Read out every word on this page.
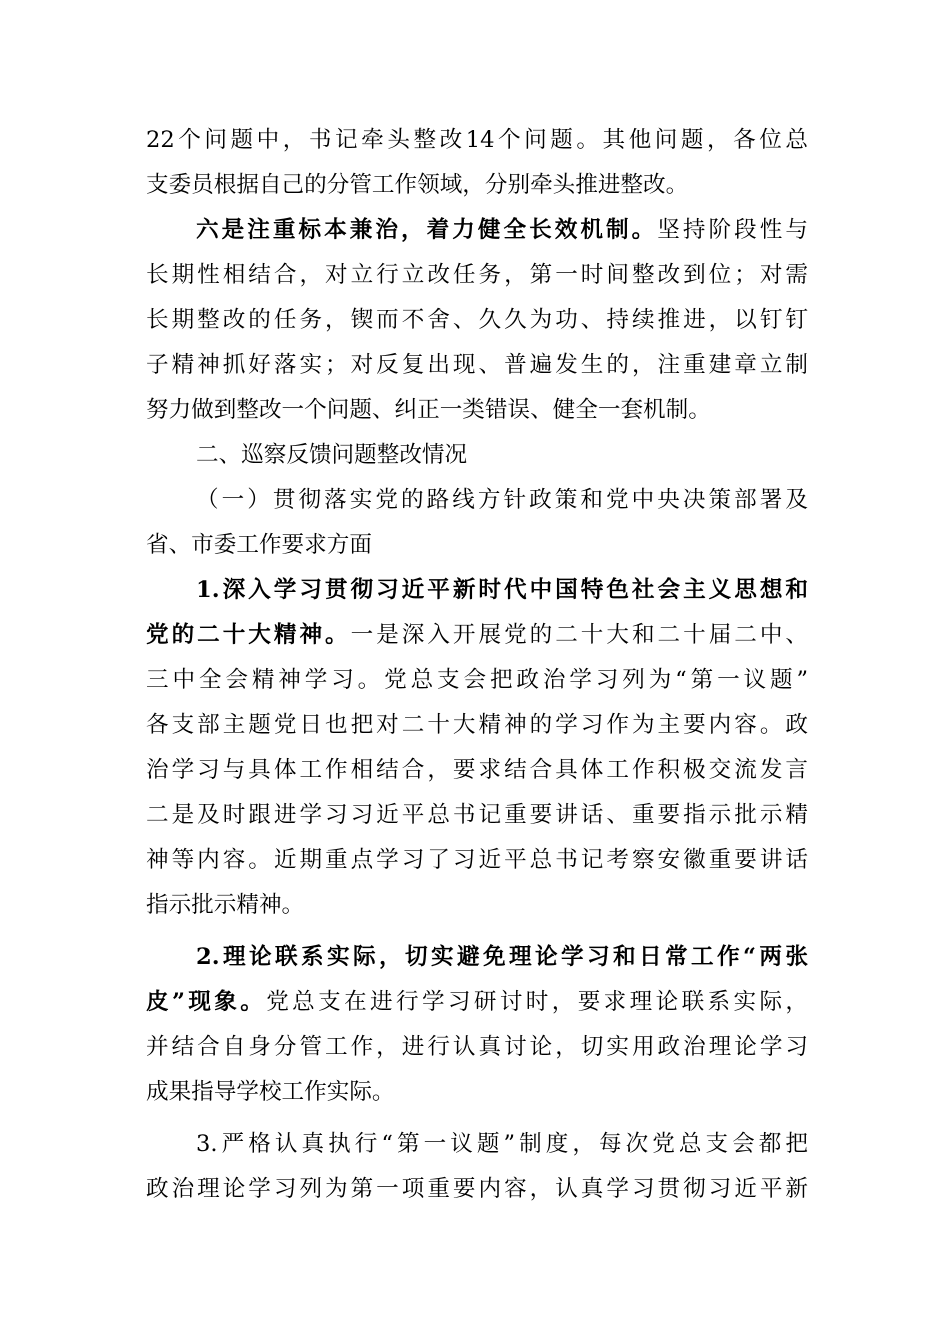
22个问题中，书记牵头整改14个问题。其他问题，各位总
支委员根据自己的分管工作领域，分别牵头推进整改。
六是注重标本兼治，着力健全长效机制。坚持阶段性与
长期性相结合，对立行立改任务，第一时间整改到位；对需
长期整改的任务，锲而不舍、久久为功、持续推进，以钉钉
子精神抓好落实；对反复出现、普遍发生的，注重建章立制
努力做到整改一个问题、纠正一类错误、健全一套机制。
二、巡察反馈问题整改情况
（一）贯彻落实党的路线方针政策和党中央决策部署及
省、市委工作要求方面
1.深入学习贯彻习近平新时代中国特色社会主义思想和
党的二十大精神。一是深入开展党的二十大和二十届二中、
三中全会精神学习。党总支会把政治学习列为“第一议题”
各支部主题党日也把对二十大精神的学习作为主要内容。政
治学习与具体工作相结合，要求结合具体工作积极交流发言
二是及时跟进学习习近平总书记重要讲话、重要指示批示精
神等内容。近期重点学习了习近平总书记考察安徽重要讲话
指示批示精神。
2.理论联系实际，切实避免理论学习和日常工作“两张
皮”现象。党总支在进行学习研讨时，要求理论联系实际，
并结合自身分管工作，进行认真讨论，切实用政治理论学习
成果指导学校工作实际。
3.严格认真执行“第一议题”制度，每次党总支会都把
政治理论学习列为第一项重要内容，认真学习贯彻习近平新
